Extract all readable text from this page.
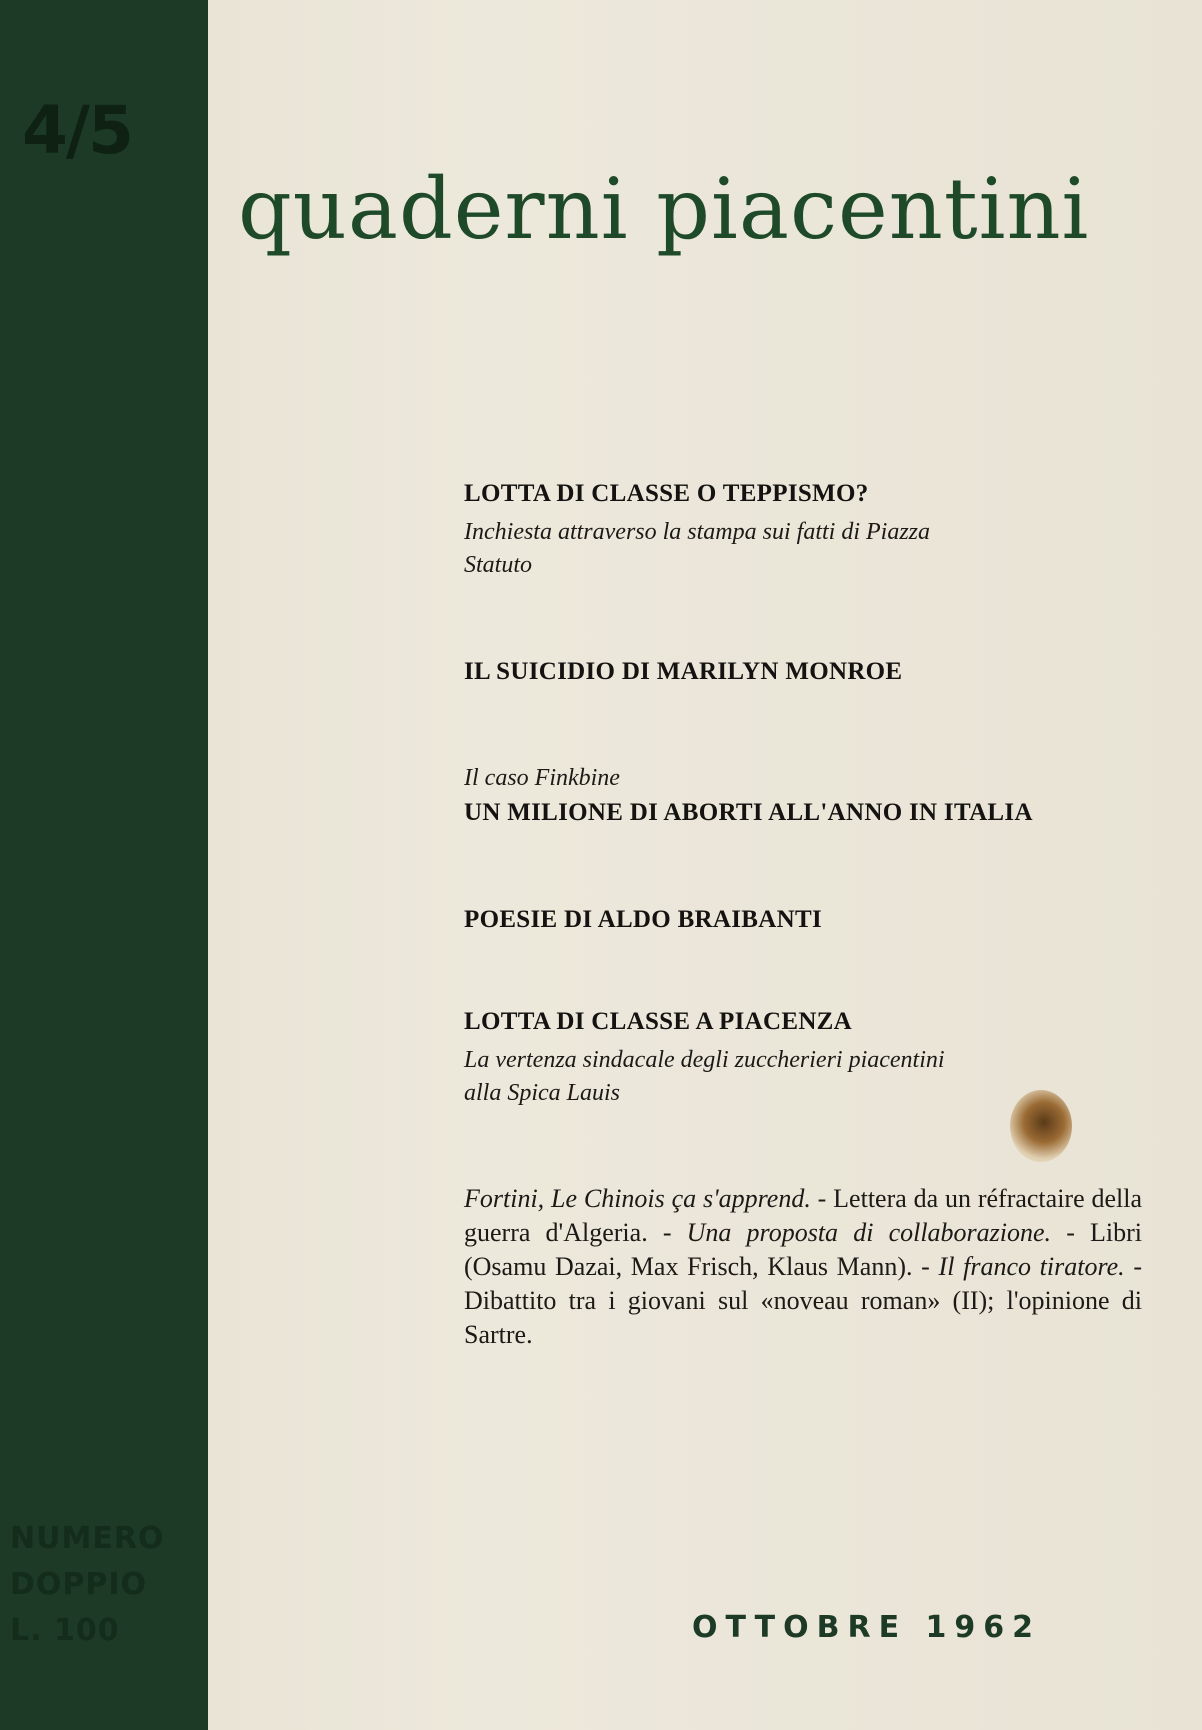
4/5
NUMERO
DOPPIO
L. 100
quaderni piacentini

LOTTA DI CLASSE O TEPPISMO?

Inchiesta attraverso la stampa sui fatti di Piazza

Statuto

IL SUICIDIO DI MARILYN MONROE

Il caso Finkbine

UN MILIONE DI ABORTI ALL'ANNO IN ITALIA

POESIE DI ALDO BRAIBANTI

LOTTA DI CLASSE A PIACENZA

La vertenza sindacale degli zuccherieri piacentini

alla Spica Lauis

Fortini, Le Chinois ça s'apprend. - Lettera da un réfractaire della guerra d'Algeria. - Una proposta di collaborazione. - Libri (Osamu Dazai, Max Frisch, Klaus Mann). - Il franco tiratore. - Dibattito tra i giovani sul «noveau roman» (II); l'opinione di Sartre.
OTTOBRE 1962
